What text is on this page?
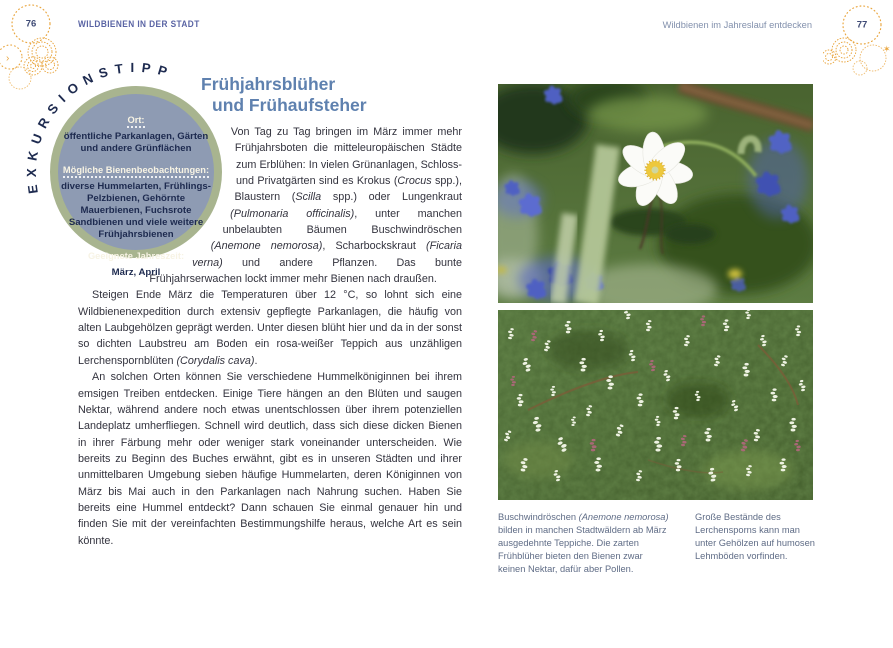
›
76	WILDBIENEN IN DER STADT
✶
77
Wildbienen im Jahreslauf entdecken
EXKURSIONSTIPP
Ort:
öffentliche Parkanlagen, Gärten und andere Grünflächen
Mögliche Bienenbeobachtungen:
diverse Hummelarten, Frühlings-Pelzbienen, Gehörnte Mauerbienen, Fuchsrote Sandbienen und viele weitere Frühjahrsbienen
Geeignete Jahreszeit:
März, April
Frühjahrsblüher
und Frühaufsteher

Von Tag zu Tag bringen im März immer mehr Frühjahrsboten die mitteleuropäischen Städte zum Erblühen: In vielen Grünanlagen, Schloss- und Privatgärten sind es Krokus (Crocus spp.), Blaustern (Scilla spp.) oder Lungenkraut (Pulmonaria officinalis), unter manchen unbelaubten Bäumen Buschwindröschen (Anemone nemorosa), Scharbockskraut (Ficaria verna) und andere Pflanzen. Das bunte Frühjahrserwachen lockt immer mehr Bienen nach draußen.

Steigen Ende März die Temperaturen über 12 °C, so lohnt sich eine Wildbienenexpedition durch extensiv gepflegte Parkanlagen, die häufig von alten Laubgehölzen geprägt werden. Unter diesen blüht hier und da in der sonst so dichten Laubstreu am Boden ein rosa-weißer Teppich aus unzähligen Lerchenspornblüten (Corydalis cava).

An solchen Orten können Sie verschiedene Hummelköniginnen bei ihrem emsigen Treiben entdecken. Einige Tiere hängen an den Blüten und saugen Nektar, während andere noch etwas unentschlossen über ihrem potenziellen Landeplatz umherfliegen. Schnell wird deutlich, dass sich diese dicken Bienen in ihrer Färbung mehr oder weniger stark voneinander unterscheiden. Wie bereits zu Beginn des Buches erwähnt, gibt es in unseren Städten und ihrer unmittelbaren Umgebung sieben häufige Hummelarten, deren Königinnen von März bis Mai auch in den Parkanlagen nach Nahrung suchen. Haben Sie bereits eine Hummel entdeckt? Dann schauen Sie einmal genauer hin und finden Sie mit der vereinfachten Bestimmungshilfe heraus, welche Art es sein könnte.

Buschwindröschen (Anemone nemorosa) bilden in manchen Stadtwäldern ab März ausgedehnte Teppiche. Die zarten Frühblüher bieten den Bienen zwar keinen Nektar, dafür aber Pollen.
Große Bestände des Lerchensporns kann man unter Gehölzen auf humosen Lehmböden vorfinden.
